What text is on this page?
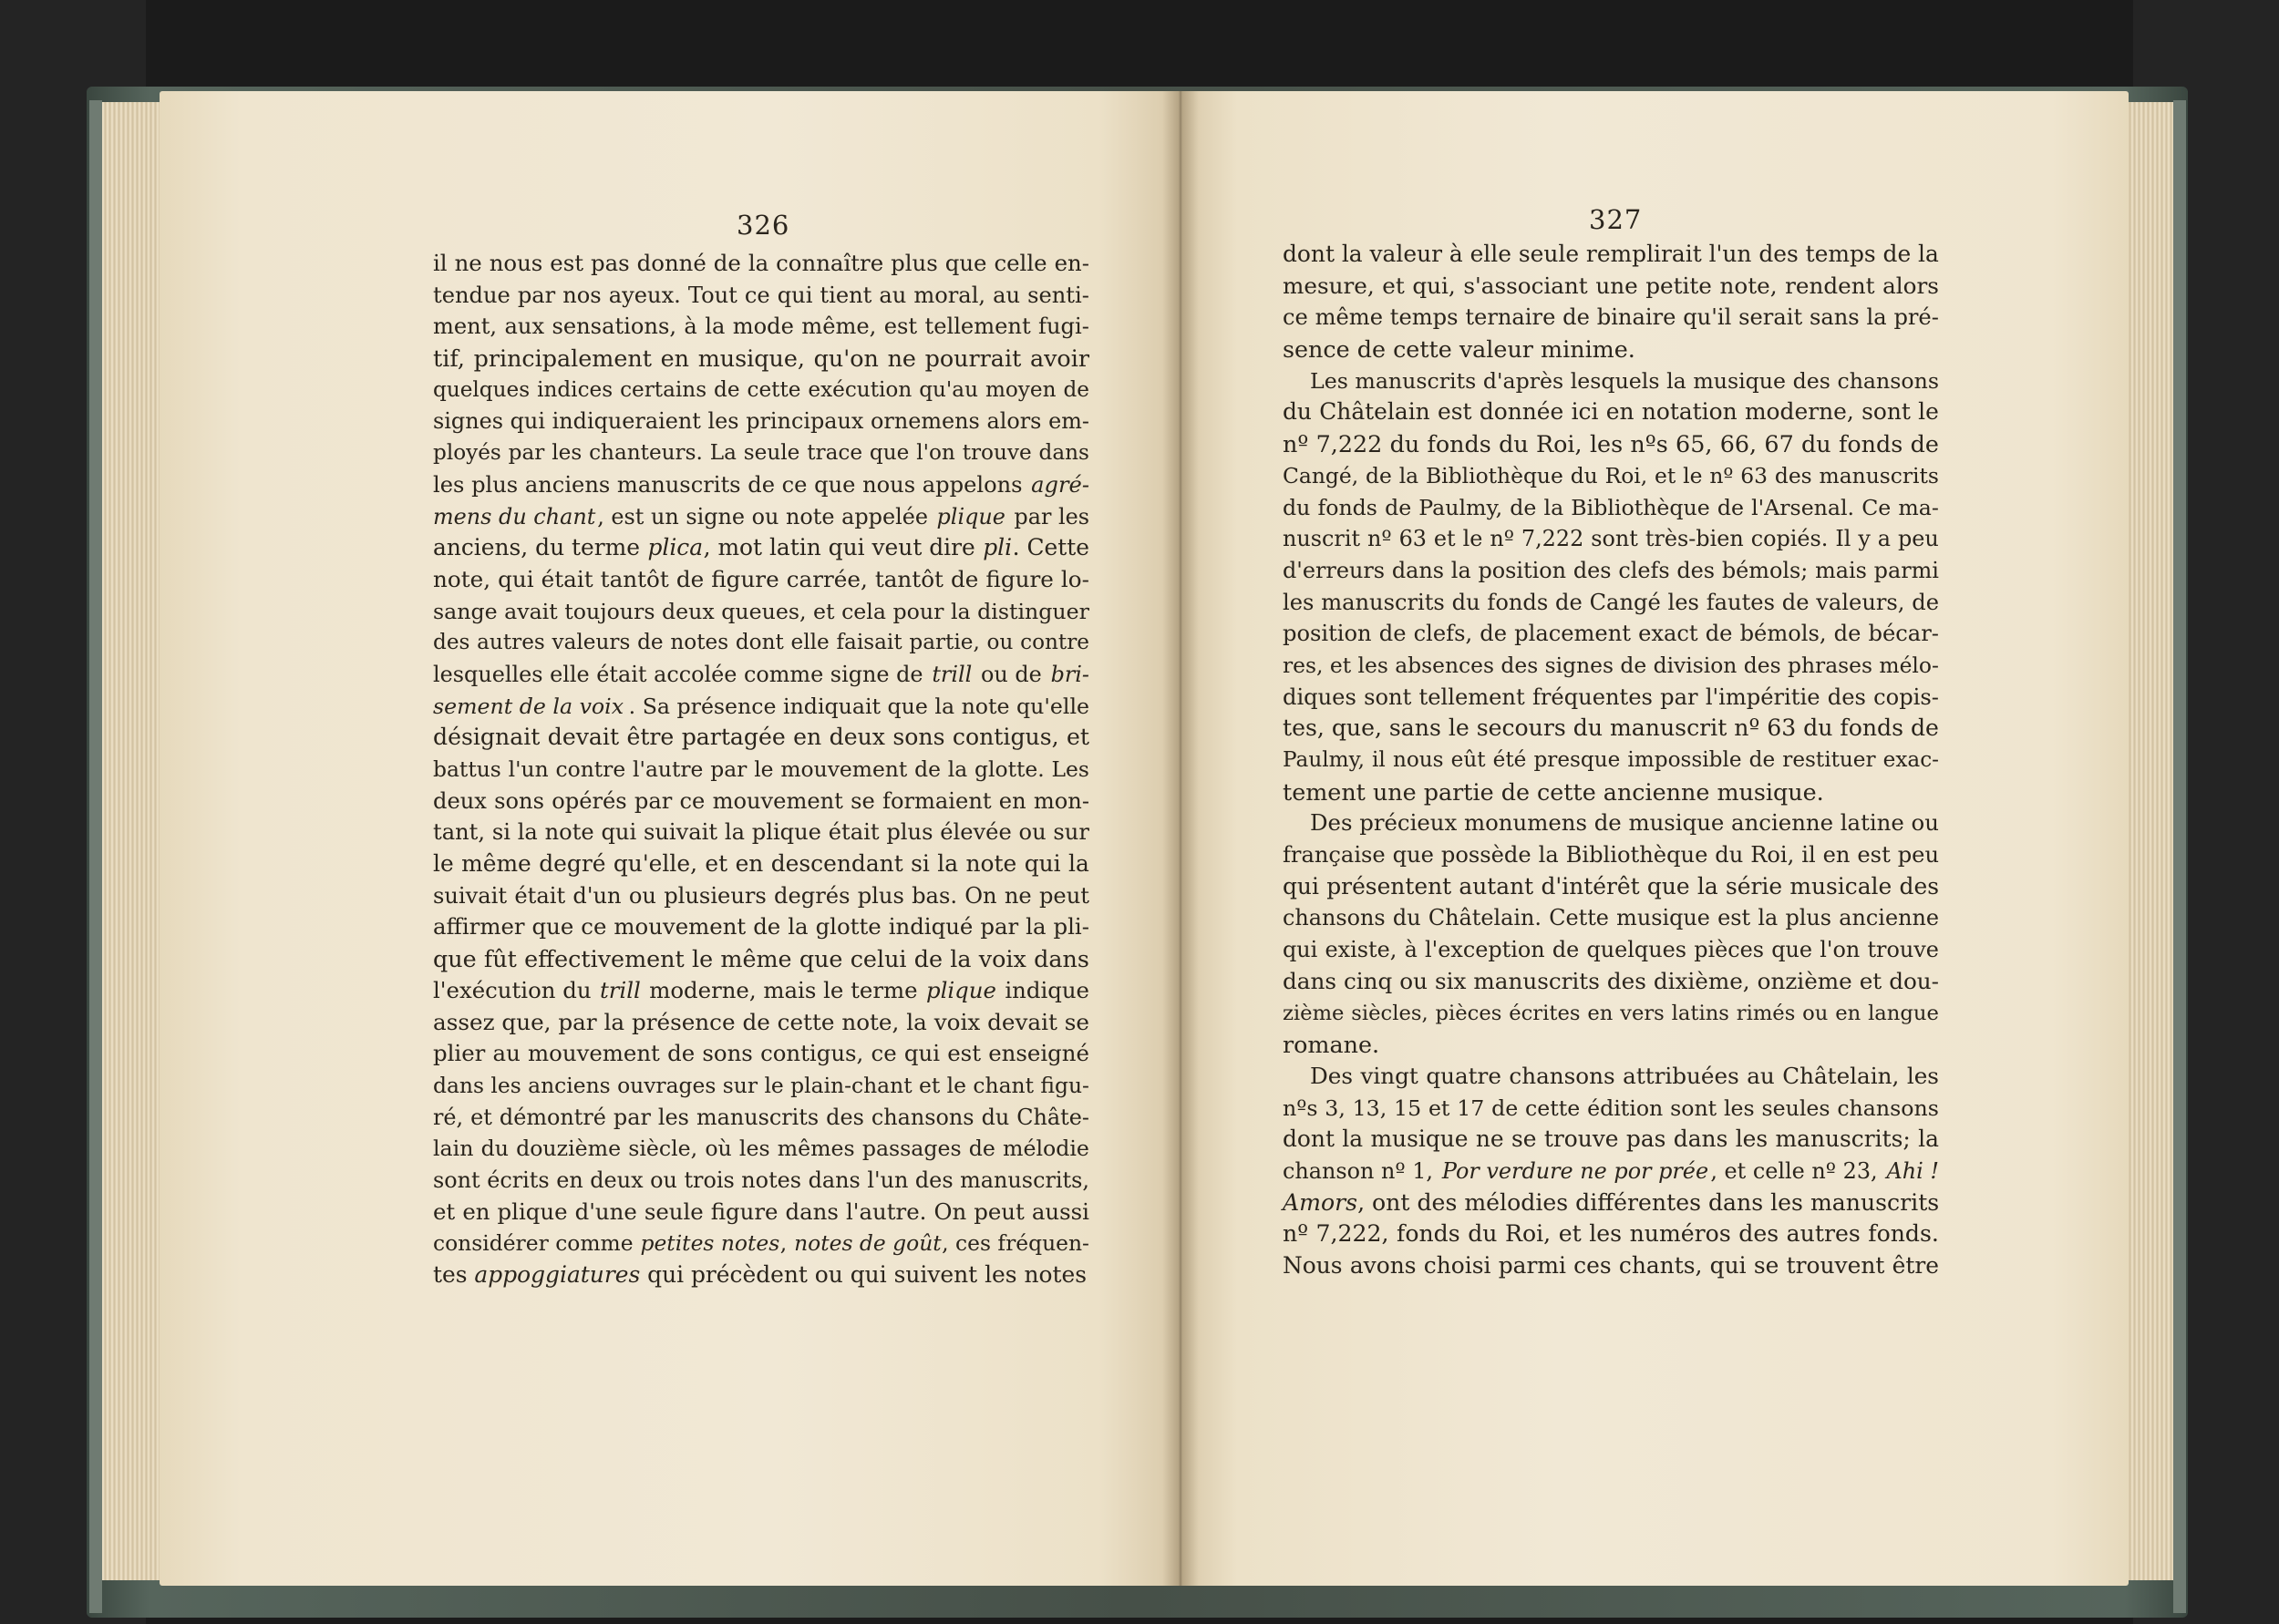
326
il ne nous est pas donné de la connaître plus que celle en-
tendue par nos ayeux. Tout ce qui tient au moral, au senti-
ment, aux sensations, à la mode même, est tellement fugi-
tif, principalement en musique, qu'on ne pourrait avoir
quelques indices certains de cette exécution qu'au moyen de
signes qui indiqueraient les principaux ornemens alors em-
ployés par les chanteurs. La seule trace que l'on trouve dans
les plus anciens manuscrits de ce que nous appelons agré-
mens du chant , est un signe ou note appelée plique par les
anciens, du terme plica , mot latin qui veut dire pli . Cette
note, qui était tantôt de figure carrée, tantôt de figure lo-
sange avait toujours deux queues, et cela pour la distinguer
des autres valeurs de notes dont elle faisait partie, ou contre
lesquelles elle était accolée comme signe de trill ou de bri-
sement de la voix . Sa présence indiquait que la note qu'elle
désignait devait être partagée en deux sons contigus, et
battus l'un contre l'autre par le mouvement de la glotte. Les
deux sons opérés par ce mouvement se formaient en mon-
tant, si la note qui suivait la plique était plus élevée ou sur
le même degré qu'elle, et en descendant si la note qui la
suivait était d'un ou plusieurs degrés plus bas. On ne peut
affirmer que ce mouvement de la glotte indiqué par la pli-
que fût effectivement le même que celui de la voix dans
l'exécution du trill moderne, mais le terme plique indique
assez que, par la présence de cette note, la voix devait se
plier au mouvement de sons contigus, ce qui est enseigné
dans les anciens ouvrages sur le plain-chant et le chant figu-
ré, et démontré par les manuscrits des chansons du Châte-
lain du douzième siècle, où les mêmes passages de mélodie
sont écrits en deux ou trois notes dans l'un des manuscrits,
et en plique d'une seule figure dans l'autre. On peut aussi
considérer comme petites notes , notes de goût , ces fréquen-
tes appoggiatures qui précèdent ou qui suivent les notes
327
dont la valeur à elle seule remplirait l'un des temps de la
mesure, et qui, s'associant une petite note, rendent alors
ce même temps ternaire de binaire qu'il serait sans la pré-
sence de cette valeur minime.
Les manuscrits d'après lesquels la musique des chansons
du Châtelain est donnée ici en notation moderne, sont le
nº 7,222 du fonds du Roi, les nºs 65, 66, 67 du fonds de
Cangé, de la Bibliothèque du Roi, et le nº 63 des manuscrits
du fonds de Paulmy, de la Bibliothèque de l'Arsenal. Ce ma-
nuscrit nº 63 et le nº 7,222 sont très-bien copiés. Il y a peu
d'erreurs dans la position des clefs des bémols; mais parmi
les manuscrits du fonds de Cangé les fautes de valeurs, de
position de clefs, de placement exact de bémols, de bécar-
res, et les absences des signes de division des phrases mélo-
diques sont tellement fréquentes par l'impéritie des copis-
tes, que, sans le secours du manuscrit nº 63 du fonds de
Paulmy, il nous eût été presque impossible de restituer exac-
tement une partie de cette ancienne musique.
Des précieux monumens de musique ancienne latine ou
française que possède la Bibliothèque du Roi, il en est peu
qui présentent autant d'intérêt que la série musicale des
chansons du Châtelain. Cette musique est la plus ancienne
qui existe, à l'exception de quelques pièces que l'on trouve
dans cinq ou six manuscrits des dixième, onzième et dou-
zième siècles, pièces écrites en vers latins rimés ou en langue
romane.
Des vingt quatre chansons attribuées au Châtelain, les
nºs 3, 13, 15 et 17 de cette édition sont les seules chansons
dont la musique ne se trouve pas dans les manuscrits; la
chanson nº 1, Por verdure ne por prée , et celle nº 23, Ahi !
Amors , ont des mélodies différentes dans les manuscrits
nº 7,222, fonds du Roi, et les numéros des autres fonds.
Nous avons choisi parmi ces chants, qui se trouvent être
